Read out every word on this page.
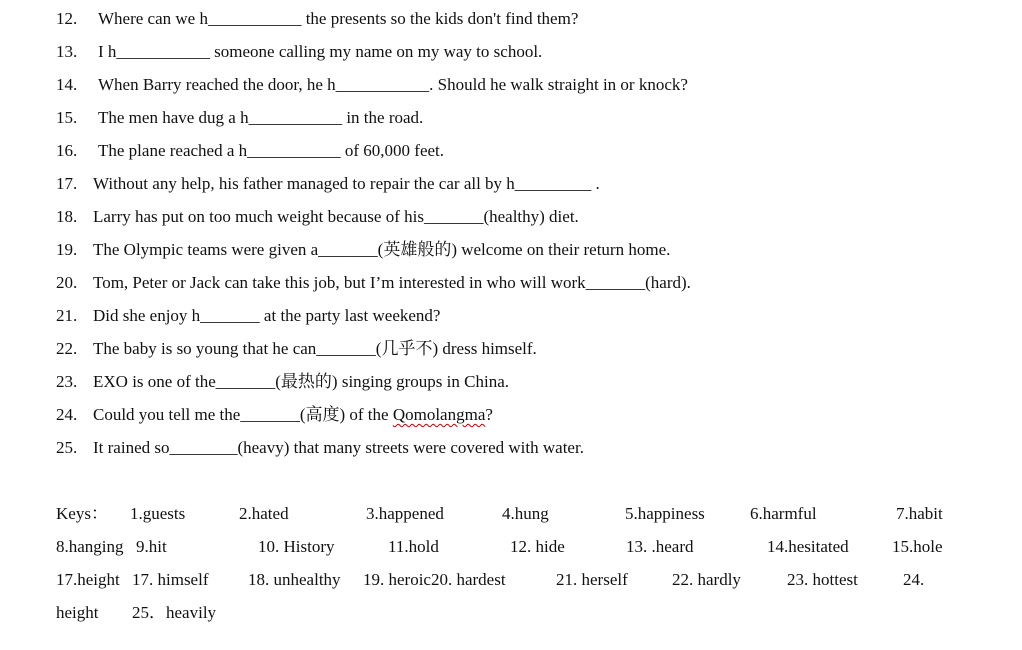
12. Where can we h___________ the presents so the kids don't find them?
13. I h___________ someone calling my name on my way to school.
14. When Barry reached the door, he h___________. Should he walk straight in or knock?
15. The men have dug a h___________ in the road.
16. The plane reached a h___________ of 60,000 feet.
17. Without any help, his father managed to repair the car all by h_________ .
18. Larry has put on too much weight because of his_______(healthy) diet.
19. The Olympic teams were given a_______(英雄般的) welcome on their return home.
20. Tom, Peter or Jack can take this job, but I’m interested in who will work_______(hard).
21. Did she enjoy h_______ at the party last weekend?
22. The baby is so young that he can_______(几乎不) dress himself.
23. EXO is one of the_______(最热的) singing groups in China.
24. Could you tell me the_______(高度) of the Qomolangma?
25. It rained so________(heavy) that many streets were covered with water.
Keys： 1.guests	2.hated	3.happened	4.hung	5.happiness	6.harmful	7.habit
8.hanging 9.hit	10. History	11.hold	12. hide	13. .heard	14.hesitated	15.hole
17.height 17. himself 18. unhealthy 19. heroic20. hardest	21. herself	22. hardly	23. hottest	24.
height 25．heavily
